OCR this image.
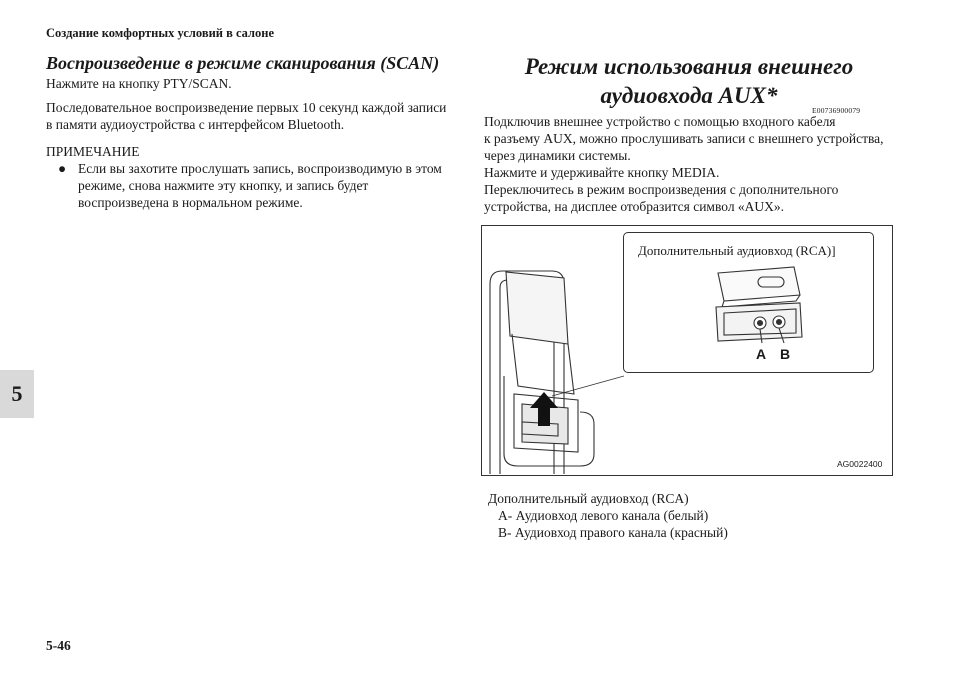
Создание комфортных условий в салоне
5
Воспроизведение в режиме сканирования (SCAN)
Нажмите на кнопку PTY/SCAN.
Последовательное воспроизведение первых 10 секунд каждой записи
в памяти аудиоустройства с интерфейсом Bluetooth.
ПРИМЕЧАНИЕ
● Если вы захотите прослушать запись, воспроизводимую в этом
режиме, снова нажмите эту кнопку, и запись будет
воспроизведена в нормальном режиме.
Режим использования внешнего
аудиовхода AUX*
E00736900079
Подключив внешнее устройство с помощью входного кабеля
к разъему AUX, можно прослушивать записи с внешнего устройства,
через динамики системы.
Нажмите и удерживайте кнопку MEDIA.
Переключитесь в режим воспроизведения с дополнительного
устройства, на дисплее отобразится символ «AUX».
Дополнительный аудиовход (RCA)]
A B
AG0022400
Дополнительный аудиовход (RCA)
A- Аудиовход левого канала (белый)
B- Аудиовход правого канала (красный)
5-46
